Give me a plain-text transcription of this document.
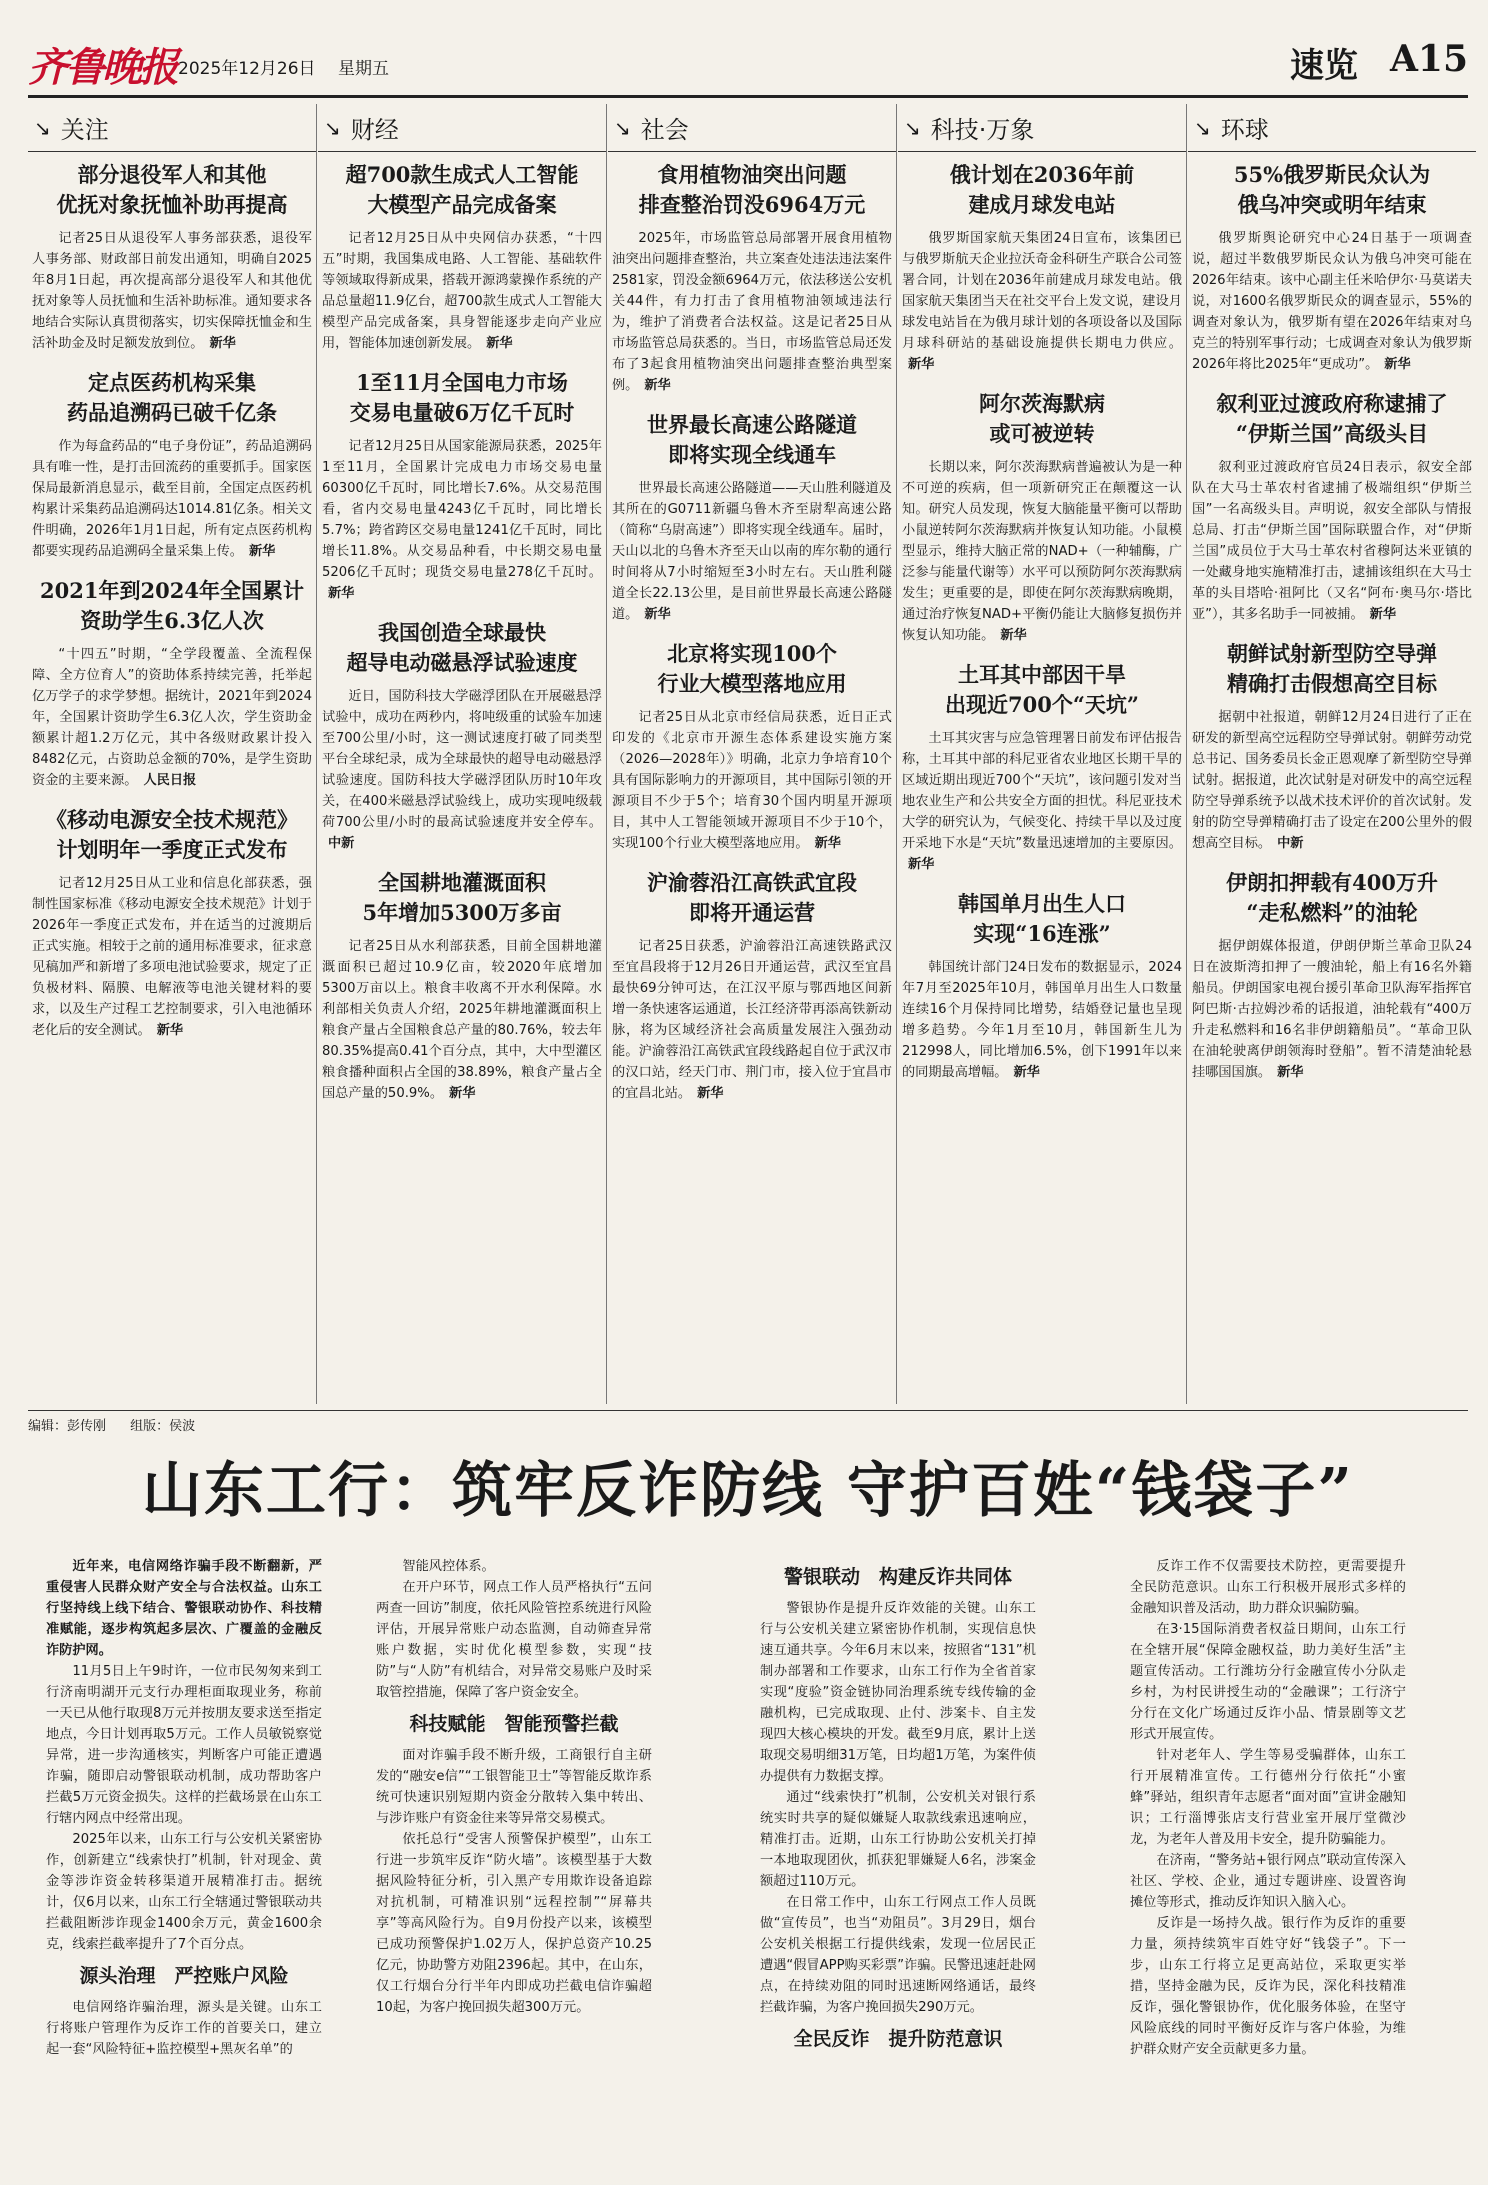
齐鲁晚报 2025年12月26日 星期五	速览 A15
↘ 关注
部分退役军人和其他
优抚对象抚恤补助再提高

记者25日从退役军人事务部获悉，退役军人事务部、财政部日前发出通知，明确自2025年8月1日起，再次提高部分退役军人和其他优抚对象等人员抚恤和生活补助标准。通知要求各地结合实际认真贯彻落实，切实保障抚恤金和生活补助金及时足额发放到位。 新华

定点医药机构采集
药品追溯码已破千亿条

作为每盒药品的“电子身份证”，药品追溯码具有唯一性，是打击回流药的重要抓手。国家医保局最新消息显示，截至目前，全国定点医药机构累计采集药品追溯码达1014.81亿条。相关文件明确，2026年1月1日起，所有定点医药机构都要实现药品追溯码全量采集上传。 新华

2021年到2024年全国累计
资助学生6.3亿人次

“十四五”时期，“全学段覆盖、全流程保障、全方位育人”的资助体系持续完善，托举起亿万学子的求学梦想。据统计，2021年到2024年，全国累计资助学生6.3亿人次，学生资助金额累计超1.2万亿元，其中各级财政累计投入8482亿元，占资助总金额的70%，是学生资助资金的主要来源。 人民日报

《移动电源安全技术规范》
计划明年一季度正式发布

记者12月25日从工业和信息化部获悉，强制性国家标准《移动电源安全技术规范》计划于2026年一季度正式发布，并在适当的过渡期后正式实施。相较于之前的通用标准要求，征求意见稿加严和新增了多项电池试验要求，规定了正负极材料、隔膜、电解液等电池关键材料的要求，以及生产过程工艺控制要求，引入电池循环老化后的安全测试。 新华

↘ 财经
超700款生成式人工智能
大模型产品完成备案

记者12月25日从中央网信办获悉，“十四五”时期，我国集成电路、人工智能、基础软件等领域取得新成果，搭载开源鸿蒙操作系统的产品总量超11.9亿台，超700款生成式人工智能大模型产品完成备案，具身智能逐步走向产业应用，智能体加速创新发展。 新华

1至11月全国电力市场
交易电量破6万亿千瓦时

记者12月25日从国家能源局获悉，2025年1至11月，全国累计完成电力市场交易电量60300亿千瓦时，同比增长7.6%。从交易范围看，省内交易电量4243亿千瓦时，同比增长5.7%；跨省跨区交易电量1241亿千瓦时，同比增长11.8%。从交易品种看，中长期交易电量5206亿千瓦时；现货交易电量278亿千瓦时。新华

我国创造全球最快
超导电动磁悬浮试验速度

近日，国防科技大学磁浮团队在开展磁悬浮试验中，成功在两秒内，将吨级重的试验车加速至700公里/小时，这一测试速度打破了同类型平台全球纪录，成为全球最快的超导电动磁悬浮试验速度。国防科技大学磁浮团队历时10年攻关，在400米磁悬浮试验线上，成功实现吨级载荷700公里/小时的最高试验速度并安全停车。中新

全国耕地灌溉面积
5年增加5300万多亩

记者25日从水利部获悉，目前全国耕地灌溉面积已超过10.9亿亩，较2020年底增加5300万亩以上。粮食丰收离不开水利保障。水利部相关负责人介绍，2025年耕地灌溉面积上粮食产量占全国粮食总产量的80.76%，较去年80.35%提高0.41个百分点，其中，大中型灌区粮食播种面积占全国的38.89%，粮食产量占全国总产量的50.9%。 新华

↘ 社会
食用植物油突出问题
排查整治罚没6964万元

2025年，市场监管总局部署开展食用植物油突出问题排查整治，共立案查处违法违法案件2581家，罚没金额6964万元，依法移送公安机关44件，有力打击了食用植物油领域违法行为，维护了消费者合法权益。这是记者25日从市场监管总局获悉的。当日，市场监管总局还发布了3起食用植物油突出问题排查整治典型案例。 新华

世界最长高速公路隧道
即将实现全线通车

世界最长高速公路隧道——天山胜利隧道及其所在的G0711新疆乌鲁木齐至尉犁高速公路（简称“乌尉高速”）即将实现全线通车。届时，天山以北的乌鲁木齐至天山以南的库尔勒的通行时间将从7小时缩短至3小时左右。天山胜利隧道全长22.13公里，是目前世界最长高速公路隧道。 新华

北京将实现100个
行业大模型落地应用

记者25日从北京市经信局获悉，近日正式印发的《北京市开源生态体系建设实施方案（2026—2028年）》明确，北京力争培育10个具有国际影响力的开源项目，其中国际引领的开源项目不少于5个；培育30个国内明星开源项目，其中人工智能领域开源项目不少于10个，实现100个行业大模型落地应用。 新华

沪渝蓉沿江高铁武宜段
即将开通运营

记者25日获悉，沪渝蓉沿江高速铁路武汉至宜昌段将于12月26日开通运营，武汉至宜昌最快69分钟可达，在江汉平原与鄂西地区间新增一条快速客运通道，长江经济带再添高铁新动脉，将为区域经济社会高质量发展注入强劲动能。沪渝蓉沿江高铁武宜段线路起自位于武汉市的汉口站，经天门市、荆门市，接入位于宜昌市的宜昌北站。 新华

↘ 科技·万象
俄计划在2036年前
建成月球发电站

俄罗斯国家航天集团24日宣布，该集团已与俄罗斯航天企业拉沃奇金科研生产联合公司签署合同，计划在2036年前建成月球发电站。俄国家航天集团当天在社交平台上发文说，建设月球发电站旨在为俄月球计划的各项设备以及国际月球科研站的基础设施提供长期电力供应。新华

阿尔茨海默病
或可被逆转

长期以来，阿尔茨海默病普遍被认为是一种不可逆的疾病，但一项新研究正在颠覆这一认知。研究人员发现，恢复大脑能量平衡可以帮助小鼠逆转阿尔茨海默病并恢复认知功能。小鼠模型显示，维持大脑正常的NAD+（一种辅酶，广泛参与能量代谢等）水平可以预防阿尔茨海默病发生；更重要的是，即使在阿尔茨海默病晚期，通过治疗恢复NAD+平衡仍能让大脑修复损伤并恢复认知功能。 新华

土耳其中部因干旱
出现近700个“天坑”

土耳其灾害与应急管理署日前发布评估报告称，土耳其中部的科尼亚省农业地区长期干旱的区域近期出现近700个“天坑”，该问题引发对当地农业生产和公共安全方面的担忧。科尼亚技术大学的研究认为，气候变化、持续干旱以及过度开采地下水是“天坑”数量迅速增加的主要原因。新华

韩国单月出生人口
实现“16连涨”

韩国统计部门24日发布的数据显示，2024年7月至2025年10月，韩国单月出生人口数量连续16个月保持同比增势，结婚登记量也呈现增多趋势。今年1月至10月，韩国新生儿为212998人，同比增加6.5%，创下1991年以来的同期最高增幅。 新华

↘ 环球
55%俄罗斯民众认为
俄乌冲突或明年结束

俄罗斯舆论研究中心24日基于一项调查说，超过半数俄罗斯民众认为俄乌冲突可能在2026年结束。该中心副主任米哈伊尔·马莫诺夫说，对1600名俄罗斯民众的调查显示，55%的调查对象认为，俄罗斯有望在2026年结束对乌克兰的特别军事行动；七成调查对象认为俄罗斯2026年将比2025年“更成功”。 新华

叙利亚过渡政府称逮捕了
“伊斯兰国”高级头目

叙利亚过渡政府官员24日表示，叙安全部队在大马士革农村省逮捕了极端组织“伊斯兰国”一名高级头目。声明说，叙安全部队与情报总局、打击“伊斯兰国”国际联盟合作，对“伊斯兰国”成员位于大马士革农村省穆阿达米亚镇的一处藏身地实施精准打击，逮捕该组织在大马士革的头目塔哈·祖阿比（又名“阿布·奥马尔·塔比亚”），其多名助手一同被捕。 新华

朝鲜试射新型防空导弹
精确打击假想高空目标

据朝中社报道，朝鲜12月24日进行了正在研发的新型高空远程防空导弹试射。朝鲜劳动党总书记、国务委员长金正恩观摩了新型防空导弹试射。据报道，此次试射是对研发中的高空远程防空导弹系统予以战术技术评价的首次试射。发射的防空导弹精确打击了设定在200公里外的假想高空目标。 中新

伊朗扣押载有400万升
“走私燃料”的油轮

据伊朗媒体报道，伊朗伊斯兰革命卫队24日在波斯湾扣押了一艘油轮，船上有16名外籍船员。伊朗国家电视台援引革命卫队海军指挥官阿巴斯·古拉姆沙希的话报道，油轮载有“400万升走私燃料和16名非伊朗籍船员”。“革命卫队在油轮驶离伊朗领海时登船”。暂不清楚油轮悬挂哪国国旗。 新华

编辑：彭传刚 组版：侯波
山东工行：筑牢反诈防线 守护百姓“钱袋子”

近年来，电信网络诈骗手段不断翻新，严重侵害人民群众财产安全与合法权益。山东工行坚持线上线下结合、警银联动协作、科技精准赋能，逐步构筑起多层次、广覆盖的金融反诈防护网。

11月5日上午9时许，一位市民匆匆来到工行济南明湖开元支行办理柜面取现业务，称前一天已从他行取现8万元并按朋友要求送至指定地点，今日计划再取5万元。工作人员敏锐察觉异常，进一步沟通核实，判断客户可能正遭遇诈骗，随即启动警银联动机制，成功帮助客户拦截5万元资金损失。这样的拦截场景在山东工行辖内网点中经常出现。

2025年以来，山东工行与公安机关紧密协作，创新建立“线索快打”机制，针对现金、黄金等涉诈资金转移渠道开展精准打击。据统计，仅6月以来，山东工行全辖通过警银联动共拦截阻断涉诈现金1400余万元，黄金1600余克，线索拦截率提升了7个百分点。

源头治理　严控账户风险

电信网络诈骗治理，源头是关键。山东工行将账户管理作为反诈工作的首要关口，建立起一套“风险特征+监控模型+黑灰名单”的

智能风控体系。

在开户环节，网点工作人员严格执行“五问两查一回访”制度，依托风险管控系统进行风险评估，开展异常账户动态监测，自动筛查异常账户数据，实时优化模型参数，实现“技防”与“人防”有机结合，对异常交易账户及时采取管控措施，保障了客户资金安全。

科技赋能　智能预警拦截

面对诈骗手段不断升级，工商银行自主研发的“融安e信”“工银智能卫士”等智能反欺诈系统可快速识别短期内资金分散转入集中转出、与涉诈账户有资金往来等异常交易模式。

依托总行“受害人预警保护模型”，山东工行进一步筑牢反诈“防火墙”。该模型基于大数据风险特征分析，引入黑产专用欺诈设备追踪对抗机制，可精准识别“远程控制”“屏幕共享”等高风险行为。自9月份投产以来，该模型已成功预警保护1.02万人，保护总资产10.25亿元，协助警方劝阻2396起。其中，在山东，仅工行烟台分行半年内即成功拦截电信诈骗超10起，为客户挽回损失超300万元。

警银联动　构建反诈共同体

警银协作是提升反诈效能的关键。山东工行与公安机关建立紧密协作机制，实现信息快速互通共享。今年6月末以来，按照省“131”机制办部署和工作要求，山东工行作为全省首家实现“度验”资金链协同治理系统专线传输的金融机构，已完成取现、止付、涉案卡、自主发现四大核心模块的开发。截至9月底，累计上送取现交易明细31万笔，日均超1万笔，为案件侦办提供有力数据支撑。

通过“线索快打”机制，公安机关对银行系统实时共享的疑似嫌疑人取款线索迅速响应，精准打击。近期，山东工行协助公安机关打掉一本地取现团伙，抓获犯罪嫌疑人6名，涉案金额超过110万元。

在日常工作中，山东工行网点工作人员既做“宣传员”，也当“劝阻员”。3月29日，烟台公安机关根据工行提供线索，发现一位居民正遭遇“假冒APP购买彩票”诈骗。民警迅速赶赴网点，在持续劝阻的同时迅速断网络通话，最终拦截诈骗，为客户挽回损失290万元。

全民反诈　提升防范意识

反诈工作不仅需要技术防控，更需要提升全民防范意识。山东工行积极开展形式多样的金融知识普及活动，助力群众识骗防骗。

在3·15国际消费者权益日期间，山东工行在全辖开展“保障金融权益，助力美好生活”主题宣传活动。工行潍坊分行金融宣传小分队走乡村，为村民讲授生动的“金融课”；工行济宁分行在文化广场通过反诈小品、情景剧等文艺形式开展宣传。

针对老年人、学生等易受骗群体，山东工行开展精准宣传。工行德州分行依托“小蜜蜂”驿站，组织青年志愿者“面对面”宣讲金融知识；工行淄博张店支行营业室开展厅堂微沙龙，为老年人普及用卡安全，提升防骗能力。

在济南，“警务站+银行网点”联动宣传深入社区、学校、企业，通过专题讲座、设置咨询摊位等形式，推动反诈知识入脑入心。

反诈是一场持久战。银行作为反诈的重要力量，须持续筑牢百姓守好“钱袋子”。下一步，山东工行将立足更高站位，采取更实举措，坚持金融为民，反诈为民，深化科技精准反诈，强化警银协作，优化服务体验，在坚守风险底线的同时平衡好反诈与客户体验，为维护群众财产安全贡献更多力量。
